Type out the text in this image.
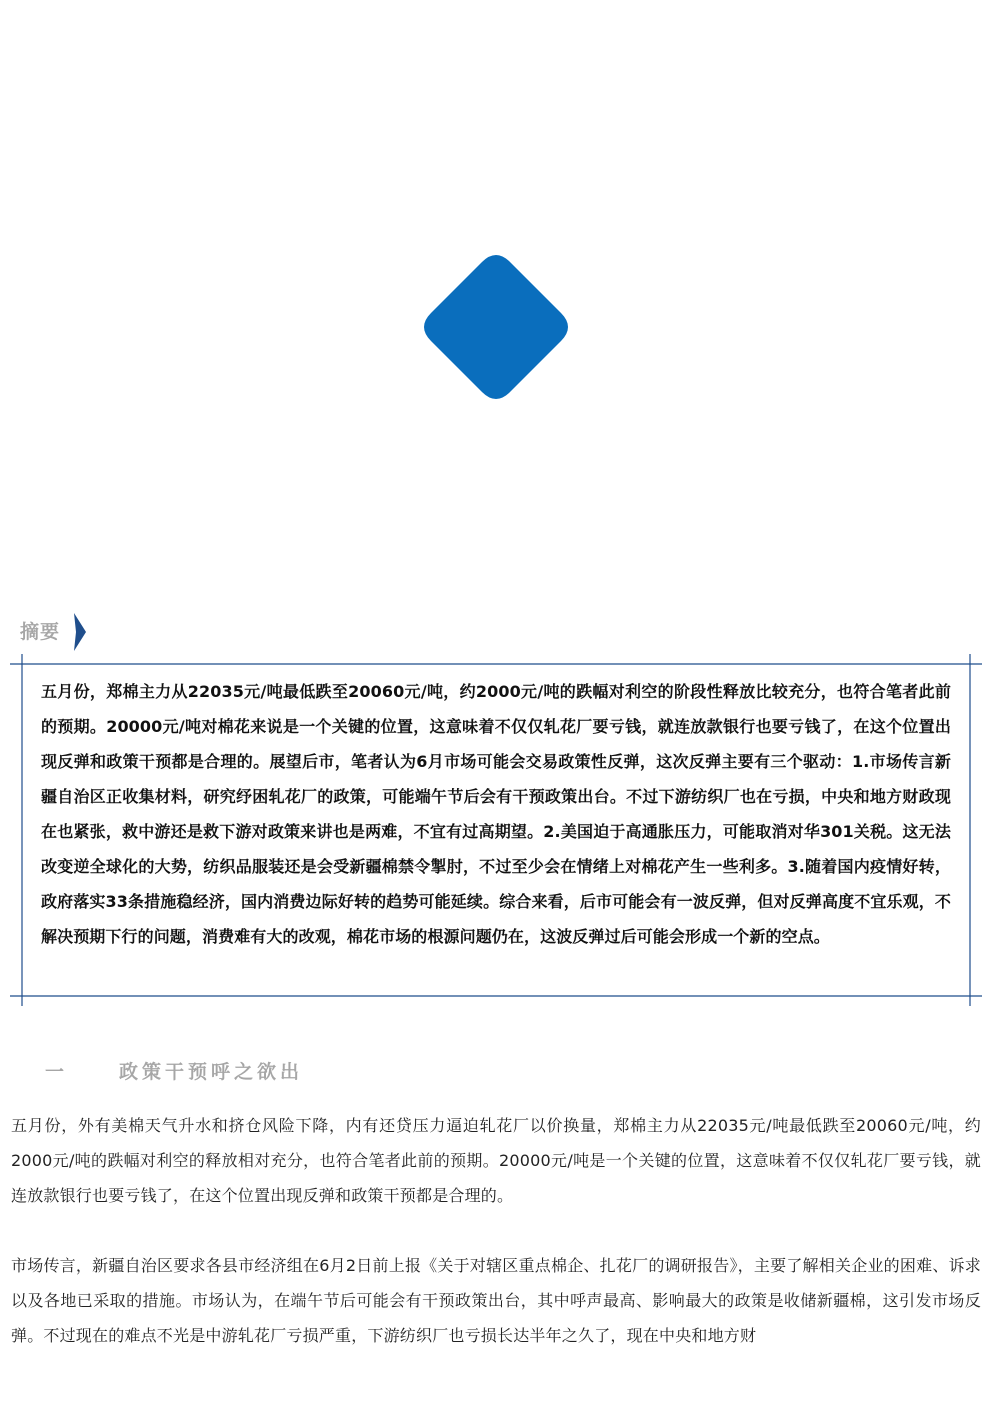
摘要
五月份，郑棉主力从22035元/吨最低跌至20060元/吨，约2000元/吨的跌幅对利空的阶段性释放比较充分，也符合笔者此前的预期。20000元/吨对棉花来说是一个关键的位置，这意味着不仅仅轧花厂要亏钱，就连放款银行也要亏钱了，在这个位置出现反弹和政策干预都是合理的。展望后市，笔者认为6月市场可能会交易政策性反弹，这次反弹主要有三个驱动：1.市场传言新疆自治区正收集材料，研究纾困轧花厂的政策，可能端午节后会有干预政策出台。不过下游纺织厂也在亏损，中央和地方财政现在也紧张，救中游还是救下游对政策来讲也是两难，不宜有过高期望。2.美国迫于高通胀压力，可能取消对华301关税。这无法改变逆全球化的大势，纺织品服装还是会受新疆棉禁令掣肘，不过至少会在情绪上对棉花产生一些利多。3.随着国内疫情好转，政府落实33条措施稳经济，国内消费边际好转的趋势可能延续。综合来看，后市可能会有一波反弹，但对反弹高度不宜乐观，不解决预期下行的问题，消费难有大的改观，棉花市场的根源问题仍在，这波反弹过后可能会形成一个新的空点。
一	政策干预呼之欲出
五月份，外有美棉天气升水和挤仓风险下降，内有还贷压力逼迫轧花厂以价换量，郑棉主力从22035元/吨最低跌至20060元/吨，约2000元/吨的跌幅对利空的释放相对充分，也符合笔者此前的预期。20000元/吨是一个关键的位置，这意味着不仅仅轧花厂要亏钱，就连放款银行也要亏钱了，在这个位置出现反弹和政策干预都是合理的。
市场传言，新疆自治区要求各县市经济组在6月2日前上报《关于对辖区重点棉企、扎花厂的调研报告》，主要了解相关企业的困难、诉求以及各地已采取的措施。市场认为，在端午节后可能会有干预政策出台，其中呼声最高、影响最大的政策是收储新疆棉，这引发市场反弹。不过现在的难点不光是中游轧花厂亏损严重，下游纺织厂也亏损长达半年之久了，现在中央和地方财
